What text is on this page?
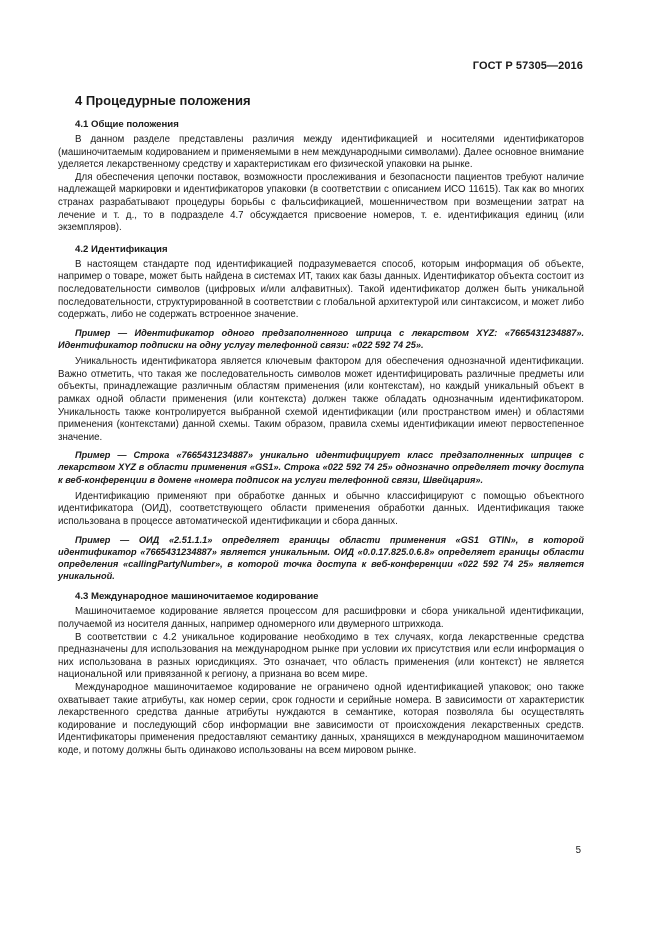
ГОСТ Р 57305—2016
4 Процедурные положения
4.1 Общие положения

В данном разделе представлены различия между идентификацией и носителями идентификаторов (машиночитаемым кодированием и применяемыми в нем международными символами). Далее основное внимание уделяется лекарственному средству и характеристикам его физической упаковки на рынке.

Для обеспечения цепочки поставок, возможности прослеживания и безопасности пациентов требуют наличие надлежащей маркировки и идентификаторов упаковки (в соответствии с описанием ИСО 11615). Так как во многих странах разрабатывают процедуры борьбы с фальсификацией, мошенничеством при возмещении затрат на лечение и т. д., то в подразделе 4.7 обсуждается присвоение номеров, т. е. идентификация единиц (или экземпляров).

4.2 Идентификация

В настоящем стандарте под идентификацией подразумевается способ, которым информация об объекте, например о товаре, может быть найдена в системах ИТ, таких как базы данных. Идентификатор объекта состоит из последовательности символов (цифровых и/или алфавитных). Такой идентификатор должен быть уникальной последовательности, структурированной в соответствии с глобальной архитектурой или синтаксисом, и может либо содержать, либо не содержать встроенное значение.

Пример — Идентификатор одного предзаполненного шприца с лекарством XYZ: «7665431234887». Идентификатор подписки на одну услугу телефонной связи: «022 592 74 25».

Уникальность идентификатора является ключевым фактором для обеспечения однозначной идентификации. Важно отметить, что такая же последовательность символов может идентифицировать различные предметы или объекты, принадлежащие различным областям применения (или контекстам), но каждый уникальный объект в рамках одной области применения (или контекста) должен также обладать однозначным идентификатором. Уникальность также контролируется выбранной схемой идентификации (или пространством имен) и областями применения (контекстами) данной схемы. Таким образом, правила схемы идентификации имеют первостепенное значение.

Пример — Строка «7665431234887» уникально идентифицирует класс предзаполненных шприцев с лекарством XYZ в области применения «GS1». Строка «022 592 74 25» однозначно определяет точку доступа к веб-конференции в домене «номера подписок на услуги телефонной связи, Швейцария».

Идентификацию применяют при обработке данных и обычно классифицируют с помощью объектного идентификатора (ОИД), соответствующего области применения обработки данных. Идентификация также использована в процессе автоматической идентификации и сбора данных.

Пример — ОИД «2.51.1.1» определяет границы области применения «GS1 GTIN», в которой идентификатор «7665431234887» является уникальным. ОИД «0.0.17.825.0.6.8» определяет границы области определения «callingPartyNumber», в которой точка доступа к веб-конференции «022 592 74 25» является уникальной.

4.3 Международное машиночитаемое кодирование

Машиночитаемое кодирование является процессом для расшифровки и сбора уникальной идентификации, получаемой из носителя данных, например одномерного или двумерного штрихкода.

В соответствии с 4.2 уникальное кодирование необходимо в тех случаях, когда лекарственные средства предназначены для использования на международном рынке при условии их присутствия или если информация о них использована в разных юрисдикциях. Это означает, что область применения (или контекст) не является национальной или привязанной к региону, а признана во всем мире.

Международное машиночитаемое кодирование не ограничено одной идентификацией упаковок; оно также охватывает такие атрибуты, как номер серии, срок годности и серийные номера. В зависимости от характеристик лекарственного средства данные атрибуты нуждаются в семантике, которая позволяла бы осуществлять кодирование и последующий сбор информации вне зависимости от происхождения лекарственных средств. Идентификаторы применения предоставляют семантику данных, хранящихся в международном машиночитаемом коде, и потому должны быть одинаково использованы на всем мировом рынке.

5
